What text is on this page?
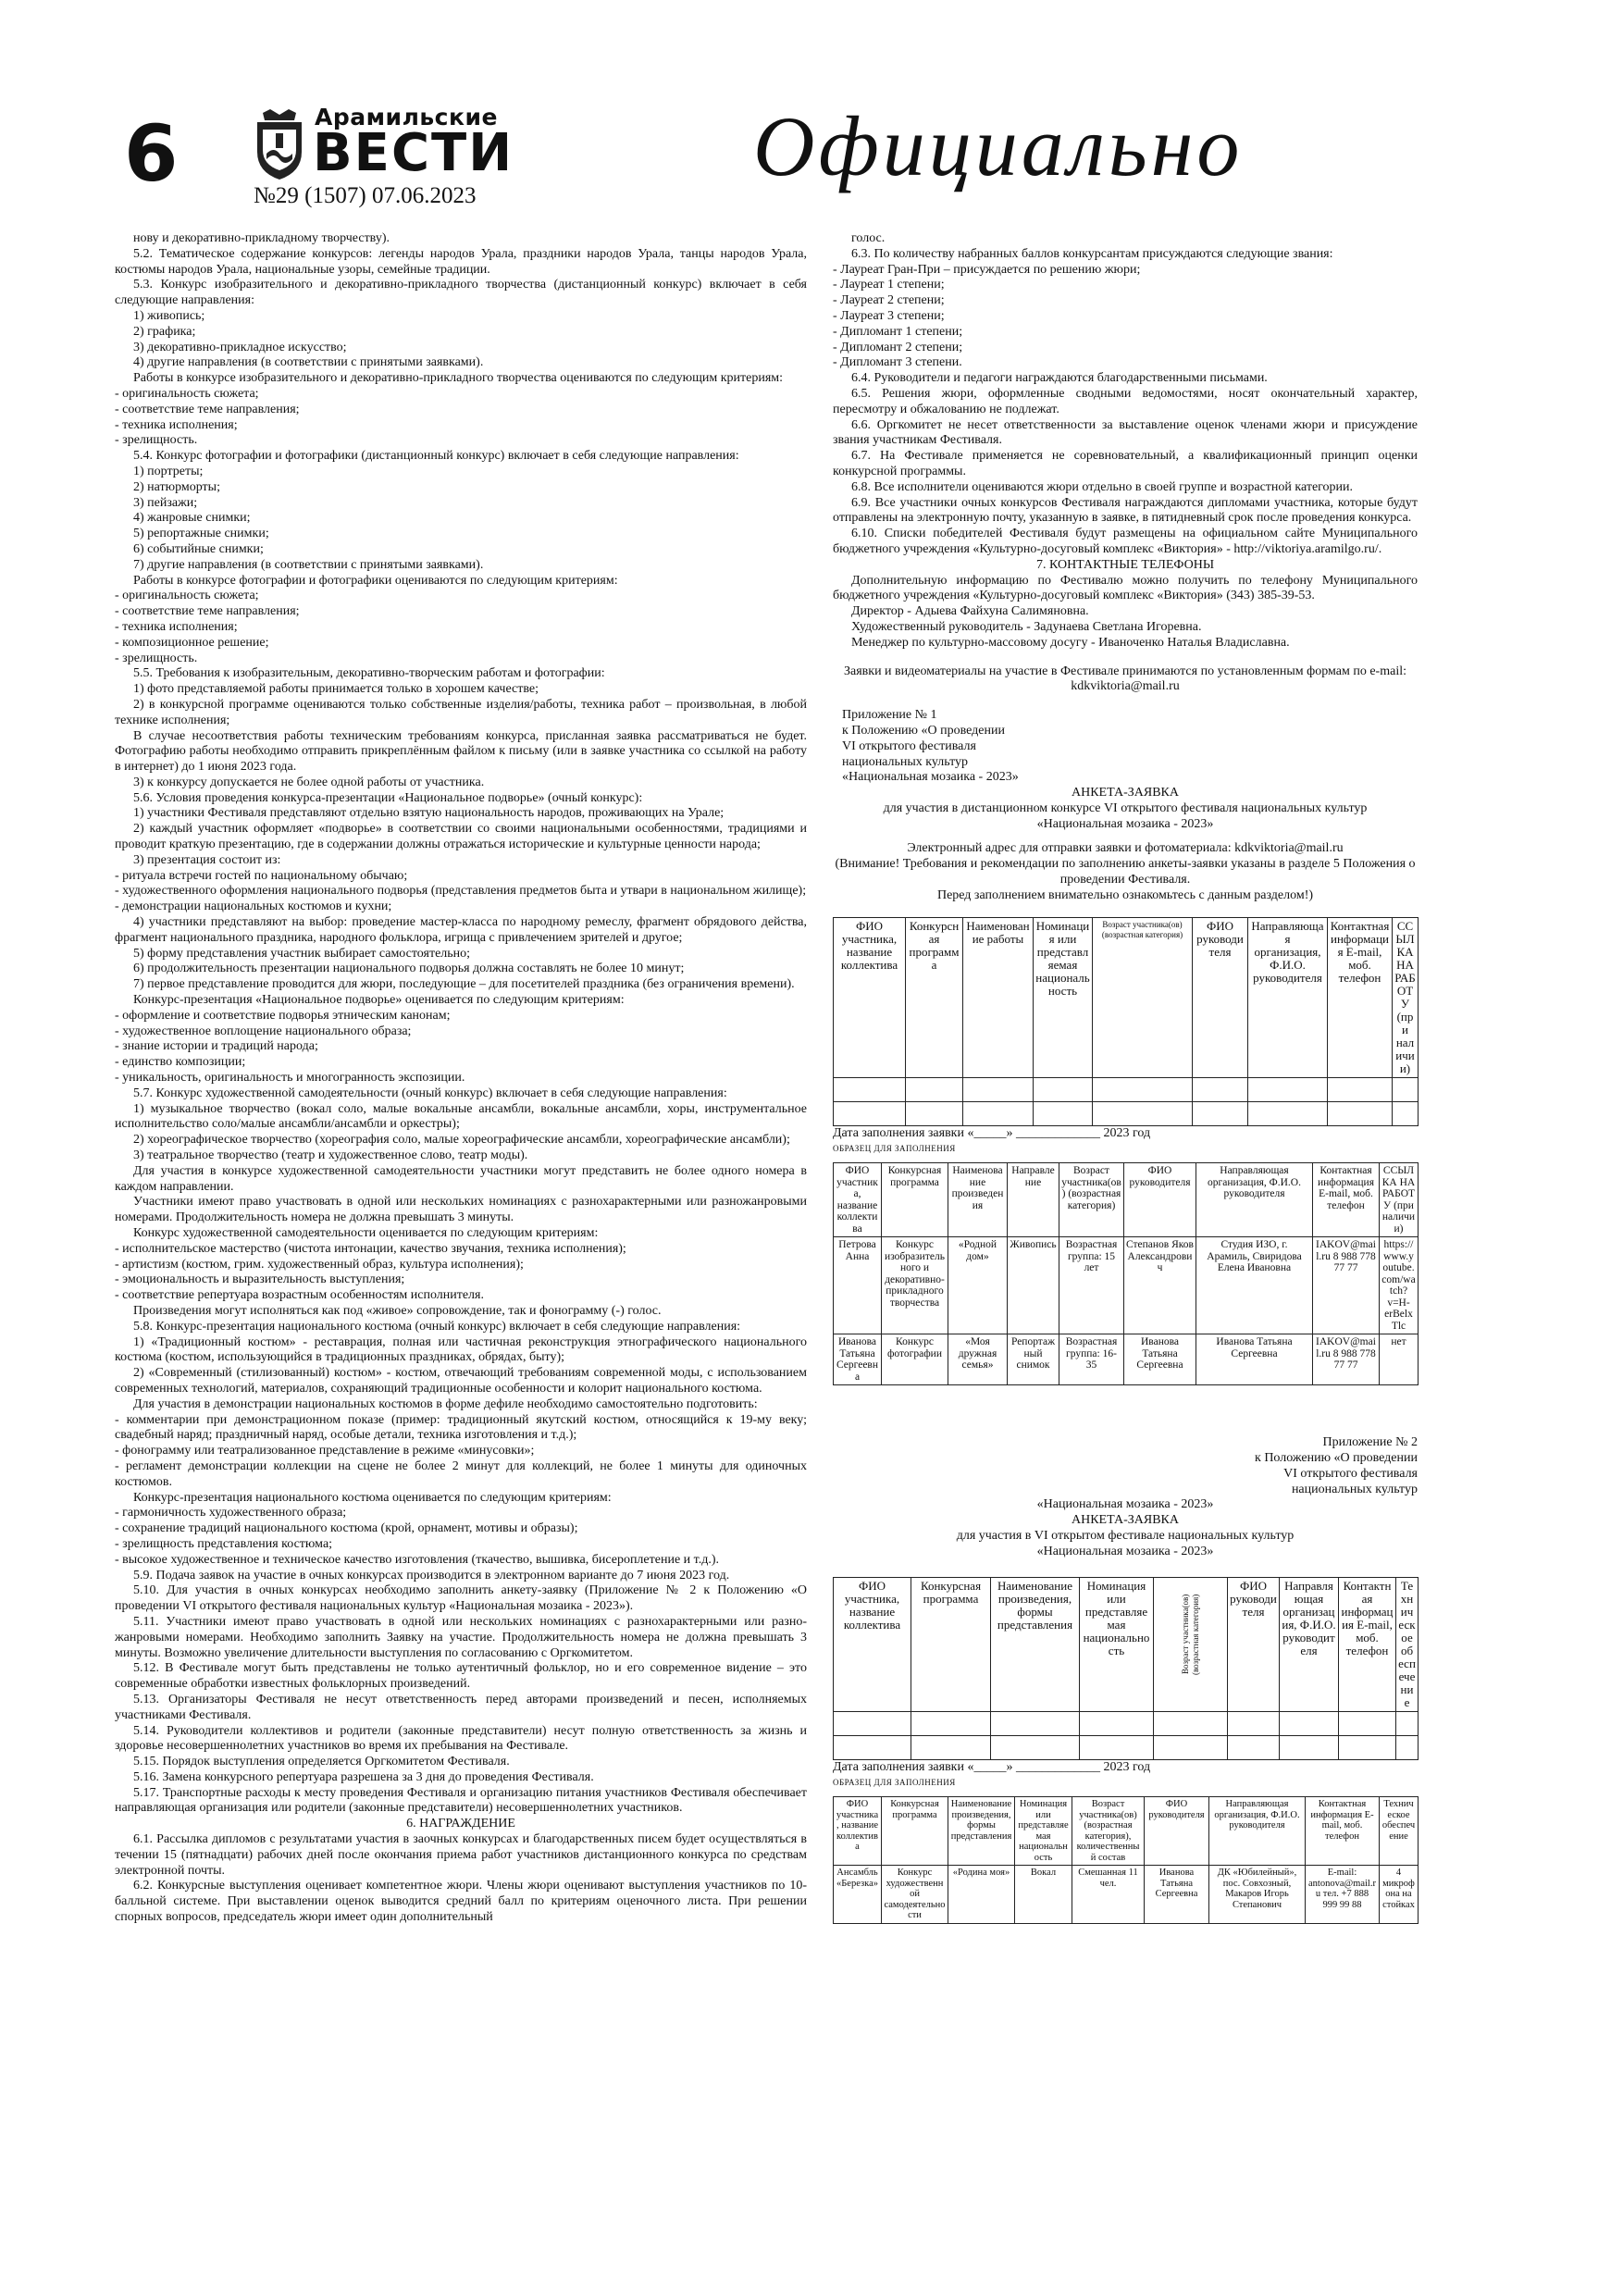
6	Арамильские
ВЕСТИ
№29 (1507) 07.06.2023
Официально

нову и декоративно-прикладному творчеству).

5.2. Тематическое содержание конкурсов: легенды народов Урала, праздники народов Урала, танцы народов Урала, костюмы народов Урала, национальные узоры, семейные традиции.

5.3. Конкурс изобразительного и декоративно-прикладного творчества (дистанционный конкурс) включает в себя следующие направления:

1) живопись;

2) графика;

3) декоративно-прикладное искусство;

4) другие направления (в соответствии с принятыми заявками).

Работы в конкурсе изобразительного и декоративно-прикладного творчества оцениваются по следующим критериям:

- оригинальность сюжета;

- соответствие теме направления;

- техника исполнения;

- зрелищность.

5.4. Конкурс фотографии и фотографики (дистанционный конкурс) включает в себя следующие направления:

1) портреты;

2) натюрморты;

3) пейзажи;

4) жанровые снимки;

5) репортажные снимки;

6) событийные снимки;

7) другие направления (в соответствии с принятыми заявками).

Работы в конкурсе фотографии и фотографики оцениваются по следующим критериям:

- оригинальность сюжета;

- соответствие теме направления;

- техника исполнения;

- композиционное решение;

- зрелищность.

5.5. Требования к изобразительным, декоративно-творческим работам и фотографии:

1) фото представляемой работы принимается только в хорошем качестве;

2) в конкурсной программе оцениваются только собственные изделия/работы, техника работ – произвольная, в любой технике исполнения;

В случае несоответствия работы техническим требованиям конкурса, присланная заявка рассматриваться не будет. Фотографию работы необходимо отправить прикреплённым файлом к письму (или в заявке участника со ссылкой на работу в интернет) до 1 июня 2023 года.

3) к конкурсу допускается не более одной работы от участника.

5.6. Условия проведения конкурса-презентации «Национальное подворье» (очный конкурс):

1) участники Фестиваля представляют отдельно взятую национальность народов, проживающих на Урале;

2) каждый участник оформляет «подворье» в соответствии со своими национальными особенностями, традициями и проводит краткую презентацию, где в содержании должны отражаться исторические и культурные ценности народа;

3) презентация состоит из:

- ритуала встречи гостей по национальному обычаю;

- художественного оформления национального подворья (представления предметов быта и утвари в национальном жилище);

- демонстрации национальных костюмов и кухни;

4) участники представляют на выбор: проведение мастер-класса по народному ремеслу, фрагмент обрядового действа, фрагмент национального праздника, народного фольклора, игрища с привлечением зрителей и другое;

5) форму представления участник выбирает самостоятельно;

6) продолжительность презентации национального подворья должна составлять не более 10 минут;

7) первое представление проводится для жюри, последующие – для посетителей праздника (без ограничения времени).

Конкурс-презентация «Национальное подворье» оценивается по следующим критериям:

- оформление и соответствие подворья этническим канонам;

- художественное воплощение национального образа;

- знание истории и традиций народа;

- единство композиции;

- уникальность, оригинальность и многогранность экспозиции.

5.7. Конкурс художественной самодеятельности (очный конкурс) включает в себя следующие направления:

1) музыкальное творчество (вокал соло, малые вокальные ансамбли, вокальные ансамбли, хоры, инструментальное исполнительство соло/малые ансамбли/ансамбли и оркестры);

2) хореографическое творчество (хореография соло, малые хореографические ансамбли, хореографические ансамбли);

3) театральное творчество (театр и художественное слово, театр моды).

Для участия в конкурсе художественной самодеятельности участники могут представить не более одного номера в каждом направлении.

Участники имеют право участвовать в одной или нескольких номинациях с разнохарактерными или разножанровыми номерами. Продолжительность номера не должна превышать 3 минуты.

Конкурс художественной самодеятельности оценивается по следующим критериям:

- исполнительское мастерство (чистота интонации, качество звучания, техника исполнения);

- артистизм (костюм, грим. художественный образ, культура исполнения);

- эмоциональность и выразительность выступления;

- соответствие репертуара возрастным особенностям исполнителя.

Произведения могут исполняться как под «живое» сопровождение, так и фонограмму (-) голос.

5.8. Конкурс-презентация национального костюма (очный конкурс) включает в себя следующие направления:

1) «Традиционный костюм» - реставрация, полная или частичная реконструкция этнографического национального костюма (костюм, использующийся в традиционных праздниках, обрядах, быту);

2) «Современный (стилизованный) костюм» - костюм, отвечающий требованиям современной моды, с использованием современных технологий, материалов, сохраняющий традиционные особенности и колорит национального костюма.

Для участия в демонстрации национальных костюмов в форме дефиле необходимо самостоятельно подготовить:

- комментарии при демонстрационном показе (пример: традиционный якутский костюм, относящийся к 19-му веку; свадебный наряд; праздничный наряд, особые детали, техника изготовления и т.д.);

- фонограмму или театрализованное представление в режиме «минусовки»;

- регламент демонстрации коллекции на сцене не более 2 минут для коллекций, не более 1 минуты для одиночных костюмов.

Конкурс-презентация национального костюма оценивается по следующим критериям:

- гармоничность художественного образа;

- сохранение традиций национального костюма (крой, орнамент, мотивы и образы);

- зрелищность представления костюма;

- высокое художественное и техническое качество изготовления (ткачество, вышивка, бисероплетение и т.д.).

5.9. Подача заявок на участие в очных конкурсах производится в электронном варианте до 7 июня 2023 год.

5.10. Для участия в очных конкурсах необходимо заполнить анкету-заявку (Приложение № 2 к Положению «О проведении VI открытого фестиваля национальных культур «Национальная мозаика - 2023»).

5.11. Участники имеют право участвовать в одной или нескольких номинациях с разнохарактерными или разно-жанровыми номерами. Необходимо заполнить Заявку на участие. Продолжительность номера не должна превышать 3 минуты. Возможно увеличение длительности выступления по согласованию с Оргкомитетом.

5.12. В Фестивале могут быть представлены не только аутентичный фольклор, но и его современное видение – это современные обработки известных фольклорных произведений.

5.13. Организаторы Фестиваля не несут ответственность перед авторами произведений и песен, исполняемых участниками Фестиваля.

5.14. Руководители коллективов и родители (законные представители) несут полную ответственность за жизнь и здоровье несовершеннолетних участников во время их пребывания на Фестивале.

5.15. Порядок выступления определяется Оргкомитетом Фестиваля.

5.16. Замена конкурсного репертуара разрешена за 3 дня до проведения Фестиваля.

5.17. Транспортные расходы к месту проведения Фестиваля и организацию питания участников Фестиваля обеспечивает направляющая организация или родители (законные представители) несовершеннолетних участников.

6. НАГРАЖДЕНИЕ

6.1. Рассылка дипломов с результатами участия в заочных конкурсах и благодарственных писем будет осуществляться в течении 15 (пятнадцати) рабочих дней после окончания приема работ участников дистанционного конкурса по средствам электронной почты.

6.2. Конкурсные выступления оценивает компетентное жюри. Члены жюри оценивают выступления участников по 10-балльной системе. При выставлении оценок выводится средний балл по критериям оценочного листа. При решении спорных вопросов, председатель жюри имеет один дополнительный

голос.

6.3. По количеству набранных баллов конкурсантам присуждаются следующие звания:

- Лауреат Гран-При – присуждается по решению жюри;

- Лауреат 1 степени;

- Лауреат 2 степени;

- Лауреат 3 степени;

- Дипломант 1 степени;

- Дипломант 2 степени;

- Дипломант 3 степени.

6.4. Руководители и педагоги награждаются благодарственными письмами.

6.5. Решения жюри, оформленные сводными ведомостями, носят окончательный характер, пересмотру и обжалованию не подлежат.

6.6. Оргкомитет не несет ответственности за выставление оценок членами жюри и присуждение звания участникам Фестиваля.

6.7. На Фестивале применяется не соревновательный, а квалификационный принцип оценки конкурсной программы.

6.8. Все исполнители оцениваются жюри отдельно в своей группе и возрастной категории.

6.9. Все участники очных конкурсов Фестиваля награждаются дипломами участника, которые будут отправлены на электронную почту, указанную в заявке, в пятидневный срок после проведения конкурса.

6.10. Списки победителей Фестиваля будут размещены на официальном сайте Муниципального бюджетного учреждения «Культурно-досуговый комплекс «Виктория» - http://viktoriya.aramilgo.ru/.

7. КОНТАКТНЫЕ ТЕЛЕФОНЫ

Дополнительную информацию по Фестивалю можно получить по телефону Муниципального бюджетного учреждения «Культурно-досуговый комплекс «Виктория» (343) 385-39-53.

Директор - Адыева Файхуна Салимяновна.

Художественный руководитель - Задунаева Светлана Игоревна.

Менеджер по культурно-массовому досугу - Иваноченко Наталья Владиславна.

Заявки и видеоматериалы на участие в Фестивале принимаются по установленным формам по e-mail: kdkviktoria@mail.ru

Приложение № 1

к Положению «О проведении

VI открытого фестиваля

национальных культур

«Национальная мозаика - 2023»

АНКЕТА-ЗАЯВКА

для участия в дистанционном конкурсе VI открытого фестиваля национальных культур

«Национальная мозаика - 2023»

Электронный адрес для отправки заявки и фотоматериала: kdkviktoria@mail.ru

(Внимание! Требования и рекомендации по заполнению анкеты-заявки указаны в разделе 5 Положения о проведении Фестиваля.

Перед заполнением внимательно ознакомьтесь с данным разделом!)

ФИО участника, название коллектива	Конкурсная программа	Наименование работы	Номинация или представляемая национальность	Возраст участника(ов) (возрастная категория)	ФИО руководителя	Направляющая организация, Ф.И.О. руководителя	Контактная информация E-mail, моб. телефон	ССЫЛКА НА РАБОТУ (при наличии)

Дата заполнения заявки «_____» _____________ 2023 год

ОБРАЗЕЦ ДЛЯ ЗАПОЛНЕНИЯ

ФИО участника, название коллектива	Конкурсная программа	Наименование произведения	Направление	Возраст участника(ов) (возрастная категория)	ФИО руководителя	Направляющая организация, Ф.И.О. руководителя	Контактная информация E-mail, моб. телефон	ССЫЛКА НА РАБОТУ (при наличии)
Петрова Анна	Конкурс изобразительного и декоративно-прикладного творчества	«Родной дом»	Живопись	Возрастная группа: 15 лет	Степанов Яков Александрович	Студия ИЗО, г. Арамиль, Свиридова Елена Ивановна	IAKOV@mail.ru 8 988 778 77 77	https://www.youtube.com/watch?v=H-erBelxTlc
Иванова Татьяна Сергеевна	Конкурс фотографии	«Моя дружная семья»	Репортажный снимок	Возрастная группа: 16-35	Иванова Татьяна Сергеевна	Иванова Татьяна Сергеевна	IAKOV@mail.ru 8 988 778 77 77	нет

Приложение № 2

к Положению «О проведении

VI открытого фестиваля

национальных культур

«Национальная мозаика - 2023»

АНКЕТА-ЗАЯВКА

для участия в VI открытом фестивале национальных культур

«Национальная мозаика - 2023»

ФИО участника, название коллектива	Конкурсная программа	Наименование произведения, формы представления	Номинация или представляемая национальность	Возраст участника(ов) (возрастная категория)	ФИО руководителя	Направляющая организация, Ф.И.О. руководителя	Контактная информация E-mail, моб. телефон	Техническое обеспечение

Дата заполнения заявки «_____» _____________ 2023 год

ОБРАЗЕЦ ДЛЯ ЗАПОЛНЕНИЯ

ФИО участника, название коллектива	Конкурсная программа	Наименование произведения, формы представления	Номинация или представляемая национальность	Возраст участника(ов) (возрастная категория), количественный состав	ФИО руководителя	Направляющая организация, Ф.И.О. руководителя	Контактная информация E-mail, моб. телефон	Техническое обеспечение
Ансамбль «Березка»	Конкурс художественной самодеятельности	«Родина моя»	Вокал	Смешанная 11 чел.	Иванова Татьяна Сергеевна	ДК «Юбилейный», пос. Совхозный, Макаров Игорь Степанович	E-mail: antonova@mail.ru тел. +7 888 999 99 88	4 микрофона на стойках
